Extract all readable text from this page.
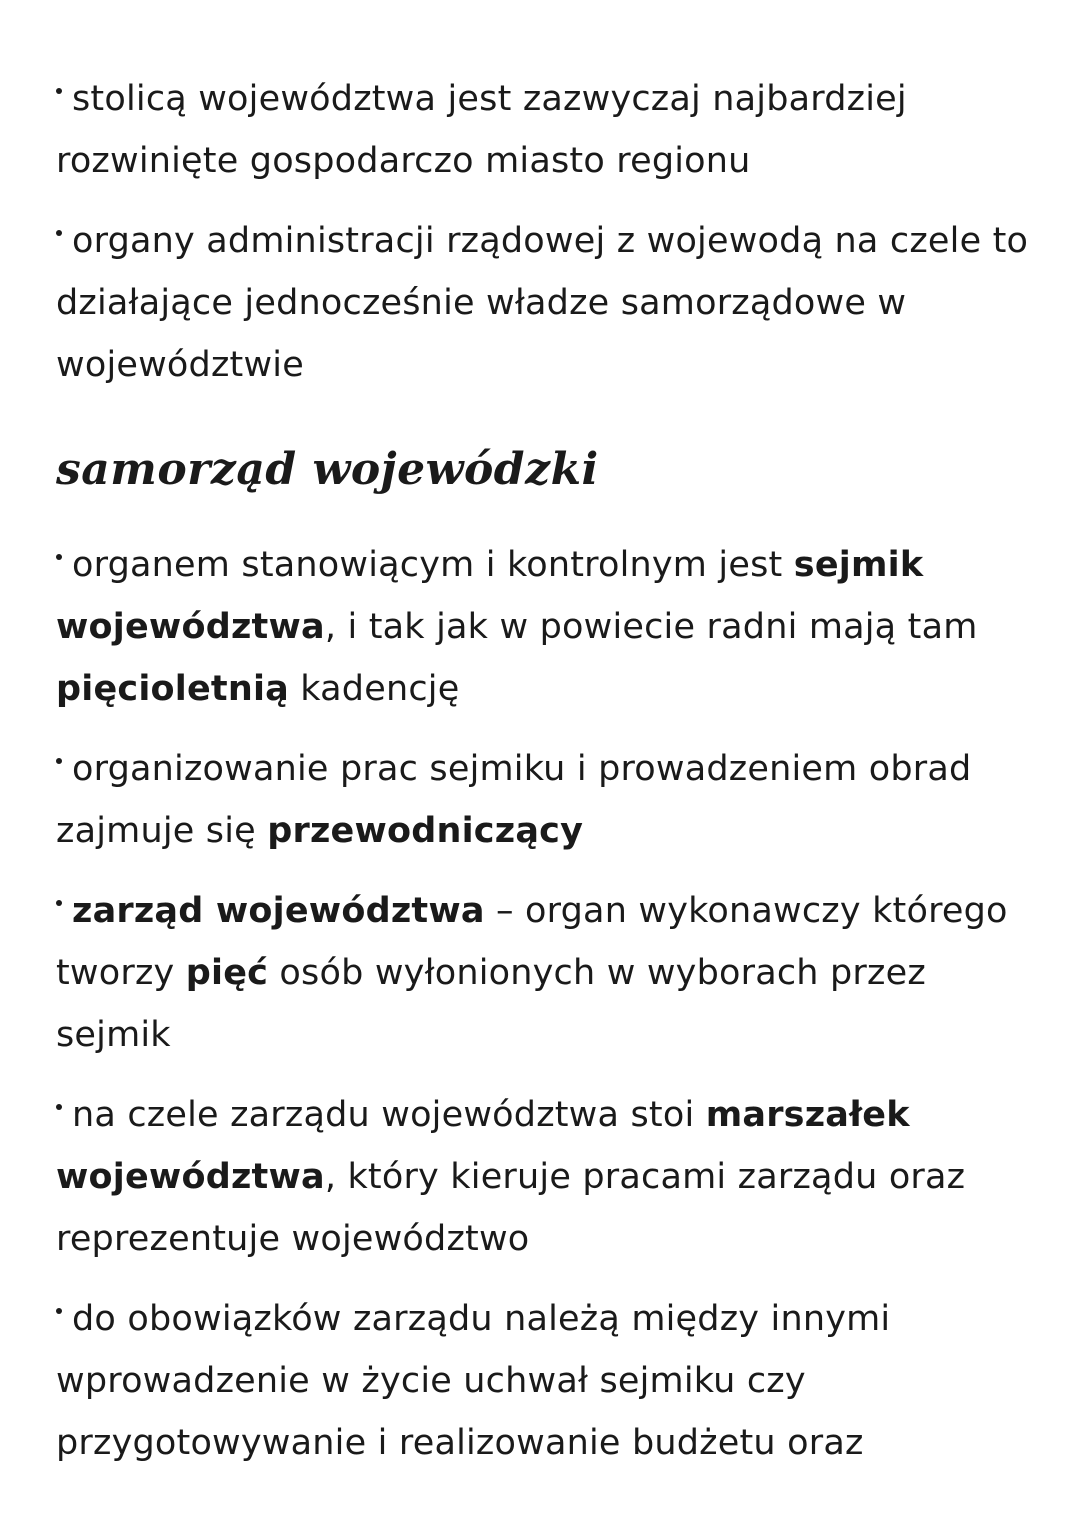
stolicą województwa jest zazwyczaj najbardziej rozwinięte gospodarczo miasto regionu

organy administracji rządowej z wojewodą na czele to działające jednocześnie władze samorządowe w województwie

samorząd wojewódzki

organem stanowiącym i kontrolnym jest sejmik województwa, i tak jak w powiecie radni mają tam pięcioletnią kadencję

organizowanie prac sejmiku i prowadzeniem obrad zajmuje się przewodniczący

zarząd województwa – organ wykonawczy którego tworzy pięć osób wyłonionych w wyborach przez sejmik

na czele zarządu województwa stoi marszałek województwa, który kieruje pracami zarządu oraz reprezentuje województwo

do obowiązków zarządu należą między innymi wprowadzenie w życie uchwał sejmiku czy przygotowywanie i realizowanie budżetu oraz
